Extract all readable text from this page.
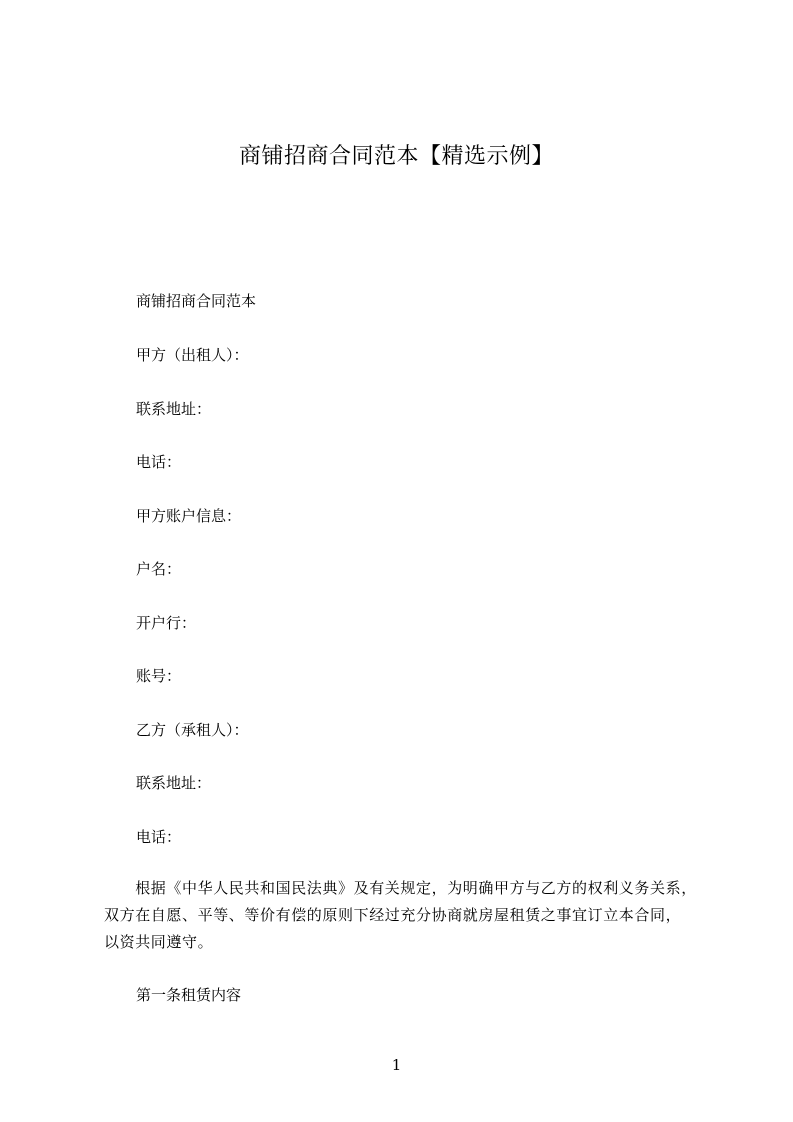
商铺招商合同范本【精选示例】
商铺招商合同范本
甲方（出租人）：
联系地址：
电话：
甲方账户信息：
户名：
开户行：
账号：
乙方（承租人）：
联系地址：
电话：
　　根据《中华人民共和国民法典》及有关规定，为明确甲方与乙方的权利义务关系，
双方在自愿、平等、等价有偿的原则下经过充分协商就房屋租赁之事宜订立本合同，
以资共同遵守。
第一条租赁内容
1
